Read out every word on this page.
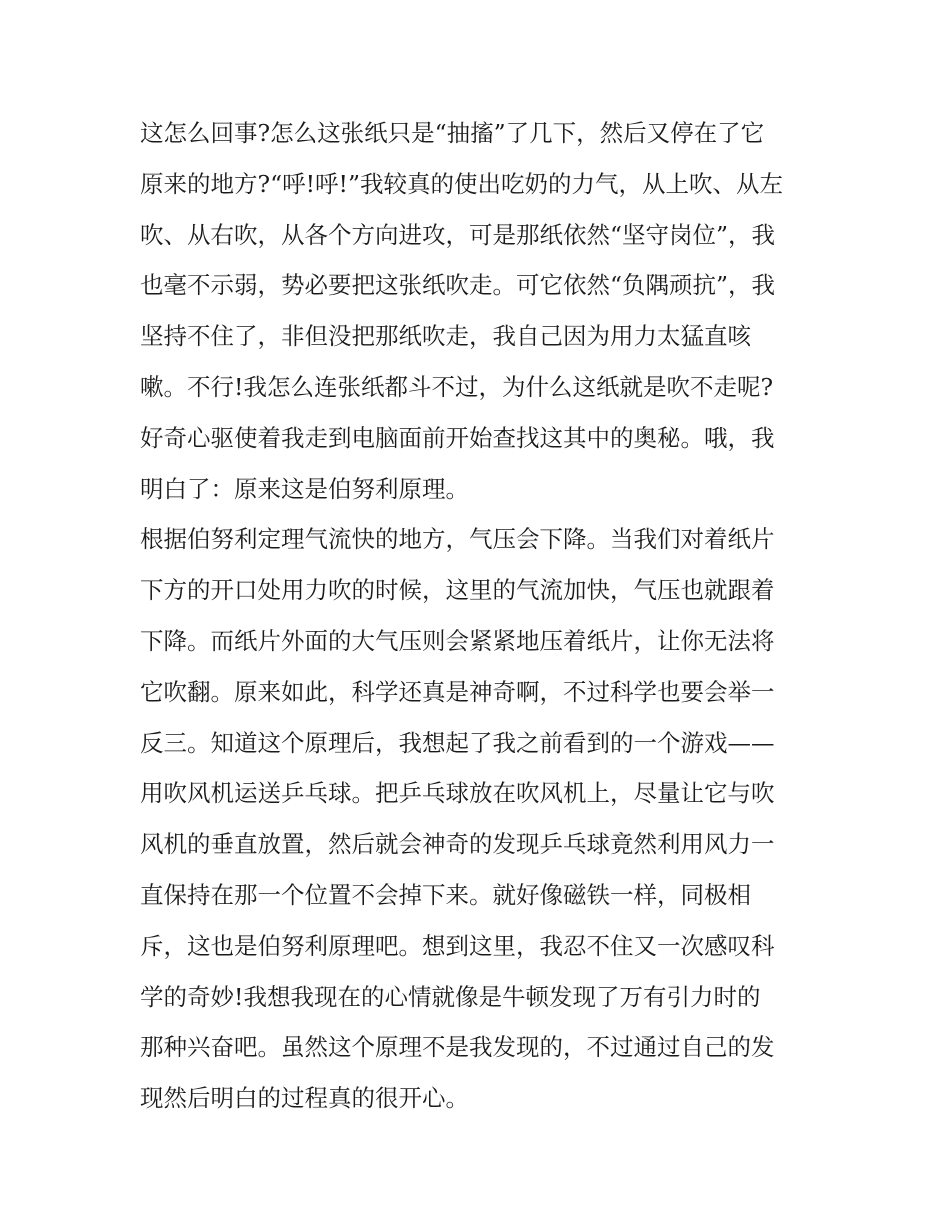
这怎么回事?怎么这张纸只是“抽搐”了几下，然后又停在了它
原来的地方?“呼!呼!”我较真的使出吃奶的力气，从上吹、从左
吹、从右吹，从各个方向进攻，可是那纸依然“坚守岗位”，我
也毫不示弱，势必要把这张纸吹走。可它依然“负隅顽抗”，我
坚持不住了，非但没把那纸吹走，我自己因为用力太猛直咳
嗽。不行!我怎么连张纸都斗不过，为什么这纸就是吹不走呢?
好奇心驱使着我走到电脑面前开始查找这其中的奥秘。哦，我
明白了：原来这是伯努利原理。
根据伯努利定理气流快的地方，气压会下降。当我们对着纸片
下方的开口处用力吹的时候，这里的气流加快，气压也就跟着
下降。而纸片外面的大气压则会紧紧地压着纸片，让你无法将
它吹翻。原来如此，科学还真是神奇啊，不过科学也要会举一
反三。知道这个原理后，我想起了我之前看到的一个游戏——
用吹风机运送乒乓球。把乒乓球放在吹风机上，尽量让它与吹
风机的垂直放置，然后就会神奇的发现乒乓球竟然利用风力一
直保持在那一个位置不会掉下来。就好像磁铁一样，同极相
斥，这也是伯努利原理吧。想到这里，我忍不住又一次感叹科
学的奇妙!我想我现在的心情就像是牛顿发现了万有引力时的
那种兴奋吧。虽然这个原理不是我发现的，不过通过自己的发
现然后明白的过程真的很开心。
